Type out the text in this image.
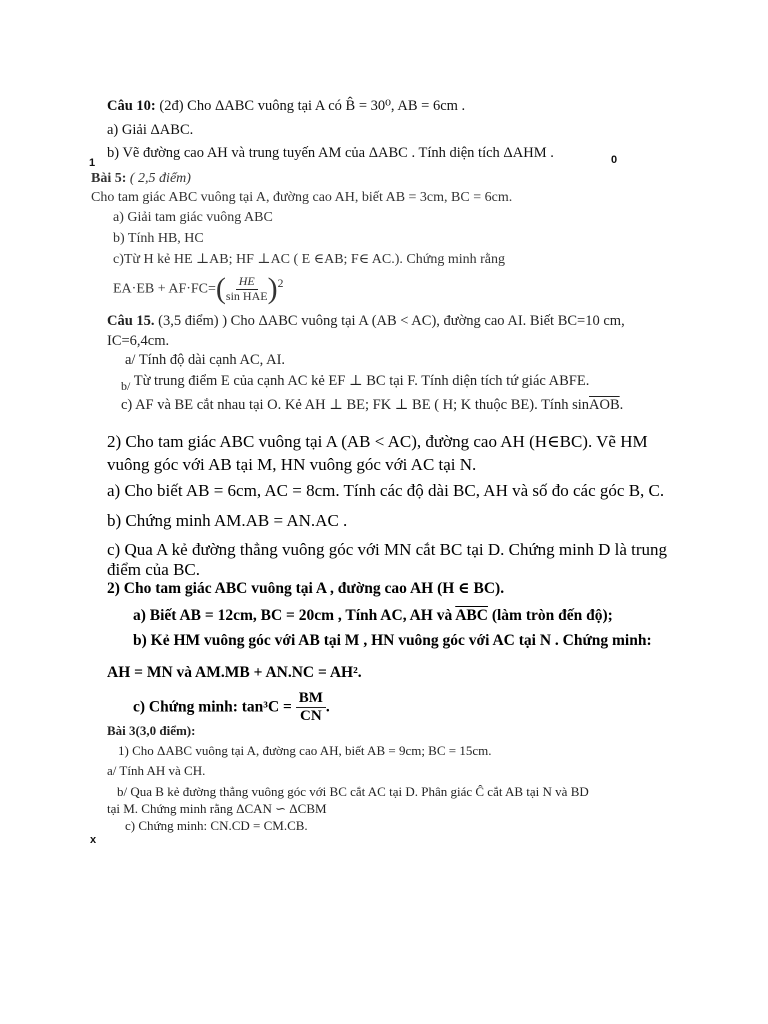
Câu 10: (2đ) Cho ΔABC vuông tại A có B̂ = 30⁰, AB = 6cm .
a) Giải ΔABC.
b) Vẽ đường cao AH và trung tuyến AM của ΔABC . Tính diện tích ΔAHM .
1	0
Bài 5: ( 2,5 điểm)
Cho tam giác ABC vuông tại A, đường cao AH, biết AB = 3cm, BC = 6cm.
a) Giải tam giác vuông ABC
b) Tính HB, HC
c)Từ H kẻ HE ⊥AB; HF ⊥AC ( E ∈AB; F∈ AC.). Chứng minh rằng
$EA\cdot EB + AF\cdot FC=( \frac{HE}{\text{sin HAE}} )^2$
Câu 15. (3,5 điểm) ) Cho ΔABC vuông tại A (AB < AC), đường cao AI. Biết BC=10 cm,
IC=6,4cm.
a/ Tính độ dài cạnh AC, AI.
$_{b/}$ Từ trung điểm E của cạnh AC kẻ EF ⊥ BC tại F. Tính diện tích tứ giác ABFE.
c) AF và BE cắt nhau tại O. Kẻ AH ⊥ BE; FK ⊥ BE ( H; K thuộc BE). Tính $\sin\overline{AOB}$.
2) Cho tam giác ABC vuông tại A (AB < AC), đường cao AH (H∈BC). Vẽ HM
vuông góc với AB tại M, HN vuông góc với AC tại N.
a) Cho biết AB = 6cm, AC = 8cm. Tính các độ dài BC, AH và số đo các góc B, C.
b) Chứng minh AM.AB = AN.AC .
c) Qua A kẻ đường thẳng vuông góc với MN cắt BC tại D. Chứng minh D là trung
điểm của BC.
2) Cho tam giác ABC vuông tại A , đường cao AH (H ∈ BC).
a) Biết AB = 12cm, BC = 20cm , Tính AC, AH và $\overline{ABC}$ (làm tròn đến độ);
b) Kẻ HM vuông góc với AB tại M , HN vuông góc với AC tại N . Chứng minh:
AH = MN và AM.MB + AN.NC = AH².
c) Chứng minh: $\tan^3C = \frac{BM}{CN}$ .
Bài 3(3,0 điểm):
1) Cho ΔABC vuông tại A, đường cao AH, biết AB = 9cm; BC = 15cm.
a/ Tính AH và CH.
b/ Qua B kẻ đường thẳng vuông góc với BC cắt AC tại D. Phân giác Ĉ cắt AB tại N và BD
tại M. Chứng minh rằng ΔCAN ∽ ΔCBM
c) Chứng minh: CN.CD = CM.CB.
x
